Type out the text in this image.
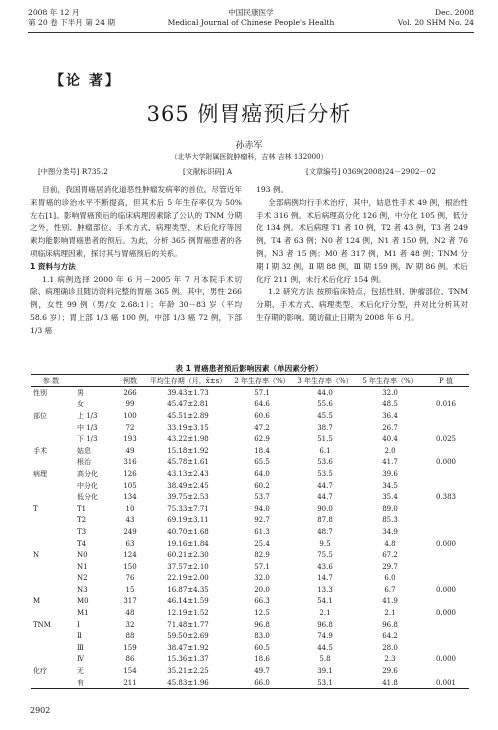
2008 年 12 月
第 20 卷 下半月 第 24 期
中国民康医学
Medical Journal of Chinese People's Health
Dec. 2008
Vol. 20 SHM No. 24
【论 著】
365 例胃癌预后分析
孙赤军
（北华大学附属医院肿瘤科，吉林 吉林 132000）
[中图分类号] R735.2	[文献标识码] A	[文章编号] 0369(2008)24－2902－02

目前，我国胃癌居消化道恶性肿瘤发病率的首位。尽管近年来胃癌的诊治水平不断提高，但其术后 5 年生存率仅为 50% 左右[1]。影响胃癌预后的临床病理因素除了公认的 TNM 分期之外，性别、肿瘤部位、手术方式、病理类型、术后化疗等因素均能影响胃癌患者的预后。为此，分析 365 例胃癌患者的各项临床病理因素，探讨其与胃癌预后的关系。

1 资料与方法

1.1 病例选择 2000 年 6 月－2005 年 7 月本院手术切除、病理确诊且随访资料完整的胃癌 365 例。其中，男性 266 例，女性 99 例（男/女 2.68:1）；年龄 30－83 岁（平均 58.6 岁）；胃上部 1/3 癌 100 例，中部 1/3 癌 72 例，下部 1/3 癌

193 例。

全部病例均行手术治疗，其中，姑息性手术 49 例，根治性手术 316 例。术后病理高分化 126 例，中分化 105 例，低分化 134 例。术后病理 T1 者 10 例，T2 者 43 例，T3 者 249 例，T4 者 63 例；N0 者 124 例，N1 者 150 例，N2 者 76 例，N3 者 15 例；M0 者 317 例，M1 者 48 例；TNM 分期 Ⅰ 期 32 例，Ⅱ 期 88 例，Ⅲ 期 159 例，Ⅳ 期 86 例。术后化疗 211 例，未行术后化疗 154 例。

1.2 研究方法 按照临床特点，包括性别、肿瘤部位、TNM 分期、手术方式、病理类型、术后化疗分型，并对比分析其对生存期的影响。随访截止日期为 2008 年 6 月。

表 1 胃癌患者预后影响因素（单因素分析）
参 数		例数	平均生存期（月，x̄±s）	2 年生存率（%）	3 年生存率（%）	5 年生存率（%）	P 值
性别	男	266	39.43±1.73	57.1	44.0	32.0	
	女	99	45.47±2.81	64.6	55.6	48.5	0.016
部位	上 1/3	100	45.51±2.89	60.6	45.5	36.4	
	中 1/3	72	33.19±3.15	47.2	38.7	26.7	
	下 1/3	193	43.22±1.98	62.9	51.5	40.4	0.025
手术	姑息	49	15.18±1.92	18.4	6.1	2.0	
	根治	316	45.78±1.61	65.5	53.6	41.7	0.000
病理	高分化	126	43.13±2.43	64.0	53.5	39.6	
	中分化	105	38.49±2.45	60.2	44.7	34.5	
	低分化	134	39.75±2.53	53.7	44.7	35.4	0.383
T	T1	10	75.33±7.71	94.0	90.0	89.0	
	T2	43	69.19±3.11	92.7	87.8	85.3	
	T3	249	40.70±1.68	61.3	48.7	34.9	
	T4	63	19.16±1.84	25.4	9.5	4.8	0.000
N	N0	124	60.21±2.30	82.9	75.5	67.2	
	N1	150	37.57±2.10	57.1	43.6	29.7	
	N2	76	22.19±2.00	32.0	14.7	6.0	
	N3	15	16.87±4.35	20.0	13.3	6.7	0.000
M	M0	317	46.14±1.59	66.3	54.1	41.9	
	M1	48	12.19±1.52	12.5	2.1	2.1	0.000
TNM	Ⅰ	32	71.48±1.77	96.8	96.8	96.8	
	Ⅱ	88	59.50±2.69	83.0	74.9	64.2	
	Ⅲ	159	38.47±1.92	60.5	44.5	28.0	
	Ⅳ	86	15.36±1.37	18.6	5.8	2.3	0.000
化疗	无	154	35.21±2.25	49.7	39.1	29.6	
	有	211	45.83±1.96	66.0	53.1	41.8	0.001
2902
